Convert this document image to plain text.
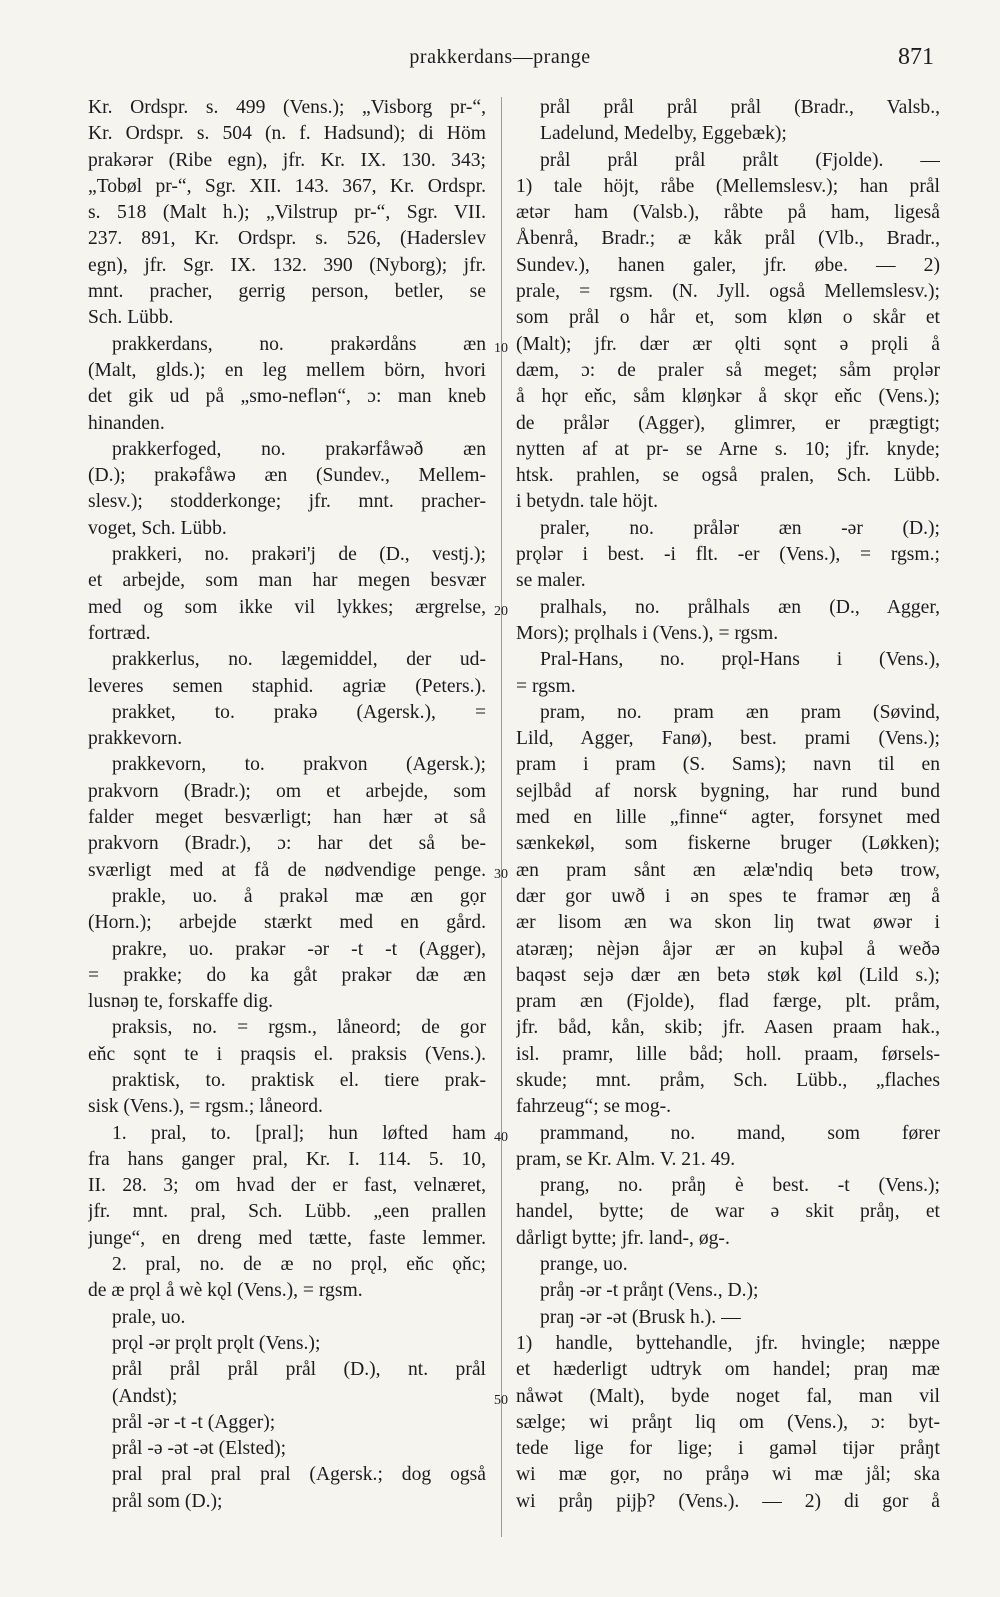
prakkerdans—prange	871
Kr. Ordspr. s. 499 (Vens.); „Visborg pr-“,
Kr. Ordspr. s. 504 (n. f. Hadsund); di Höm
prakərər (Ribe egn), jfr. Kr. IX. 130. 343;
„Tobøl pr-“, Sgr. XII. 143. 367, Kr. Ordspr.
s. 518 (Malt h.); „Vilstrup pr-“, Sgr. VII.
237. 891, Kr. Ordspr. s. 526, (Haderslev
egn), jfr. Sgr. IX. 132. 390 (Nyborg); jfr.
mnt. pracher, gerrig person, betler, se
Sch. Lübb.
prakkerdans, no. prakərdåns æn
(Malt, glds.); en leg mellem börn, hvori
det gik ud på „smo-neflən“, ɔ: man kneb
hinanden.
prakkerfoged, no. prakərfåwəð æn
(D.); prakəfåwə æn (Sundev., Mellem-
slesv.); stodderkonge; jfr. mnt. pracher-
voget, Sch. Lübb.
prakkeri, no. prakəri'j de (D., vestj.);
et arbejde, som man har megen besvær
med og som ikke vil lykkes; ærgrelse,
fortræd.
prakkerlus, no. lægemiddel, der ud-
leveres semen staphid. agriæ (Peters.).
prakket, to. prakə (Agersk.), =
prakkevorn.
prakkevorn, to. prakvon (Agersk.);
prakvorn (Bradr.); om et arbejde, som
falder meget besværligt; han hær ət så
prakvorn (Bradr.), ɔ: har det så be-
sværligt med at få de nødvendige penge.
prakle, uo. å prakəl mæ æn gọr
(Horn.); arbejde stærkt med en gård.
prakre, uo. prakər -ər -t -t (Agger),
= prakke; do ka gåt prakər dæ æn
lusnəŋ te, forskaffe dig.
praksis, no. = rgsm., låneord; de gor
eňc sǫnt te i praqsis el. praksis (Vens.).
praktisk, to. praktisk el. tiere prak-
sisk (Vens.), = rgsm.; låneord.
1. pral, to. [pral]; hun løfted ham
fra hans ganger pral, Kr. I. 114. 5. 10,
II. 28. 3; om hvad der er fast, velnæret,
jfr. mnt. pral, Sch. Lübb. „een prallen
junge“, en dreng med tætte, faste lemmer.
2. pral, no. de æ no prǫl, eňc ǫňc;
de æ prǫl å wè kǫl (Vens.), = rgsm.
prale, uo.
prǫl -ər prǫlt prǫlt (Vens.);
prål prål prål prål (D.), nt. prål
(Andst);
prål -ər -t -t (Agger);
prål -ə -ət -ət (Elsted);
pral pral pral pral (Agersk.; dog også
prål som (D.);
prål prål prål prål (Bradr., Valsb.,
Ladelund, Medelby, Eggebæk);
prål prål prål prålt (Fjolde). —
1) tale höjt, råbe (Mellemslesv.); han prål
ætər ham (Valsb.), råbte på ham, ligeså
Åbenrå, Bradr.; æ kåk prål (Vlb., Bradr.,
Sundev.), hanen galer, jfr. øbe. — 2)
prale, = rgsm. (N. Jyll. også Mellemslesv.);
som prål o hår et, som kløn o skår et
(Malt); jfr. dær ær ǫlti sǫnt ə prǫli å
dæm, ɔ: de praler så meget; såm prǫlər
å hǫr eňc, såm kløŋkər å skǫr eňc (Vens.);
de prålər (Agger), glimrer, er prægtigt;
nytten af at pr- se Arne s. 10; jfr. knyde;
htsk. prahlen, se også pralen, Sch. Lübb.
i betydn. tale höjt.
praler, no. prålər æn -ər (D.);
prǫlər i best. -i flt. -er (Vens.), = rgsm.;
se maler.
pralhals, no. prålhals æn (D., Agger,
Mors); prǫlhals i (Vens.), = rgsm.
Pral-Hans, no. prǫl-Hans i (Vens.),
= rgsm.
pram, no. pram æn pram (Søvind,
Lild, Agger, Fanø), best. prami (Vens.);
pram i pram (S. Sams); navn til en
sejlbåd af norsk bygning, har rund bund
med en lille „finne“ agter, forsynet med
sænkekøl, som fiskerne bruger (Løkken);
æn pram sånt æn ælæ'ndiq betə trow,
dær gor uwð i ən spes te framər æŋ å
ær lisom æn wa skon liŋ twat øwər i
atəræŋ; nèjən åjər ær ən kuþəl å weðə
baqəst sejə dær æn betə støk køl (Lild s.);
pram æn (Fjolde), flad færge, plt. pråm,
jfr. båd, kån, skib; jfr. Aasen praam hak.,
isl. pramr, lille båd; holl. praam, førsels-
skude; mnt. pråm, Sch. Lübb., „flaches
fahrzeug“; se mog-.
prammand, no. mand, som fører
pram, se Kr. Alm. V. 21. 49.
prang, no. pråŋ è best. -t (Vens.);
handel, bytte; de war ə skit pråŋ, et
dårligt bytte; jfr. land-, øg-.
prange, uo.
pråŋ -ər -t pråŋt (Vens., D.);
praŋ -ər -ət (Brusk h.). —
1) handle, byttehandle, jfr. hvingle; næppe
et hæderligt udtryk om handel; praŋ mæ
nåwət (Malt), byde noget fal, man vil
sælge; wi pråŋt liq om (Vens.), ɔ: byt-
tede lige for lige; i gaməl tijər pråŋt
wi mæ gọr, no pråŋə wi mæ jål; ska
wi pråŋ pijþ? (Vens.). — 2) di gor å
10
20
30
40
50
